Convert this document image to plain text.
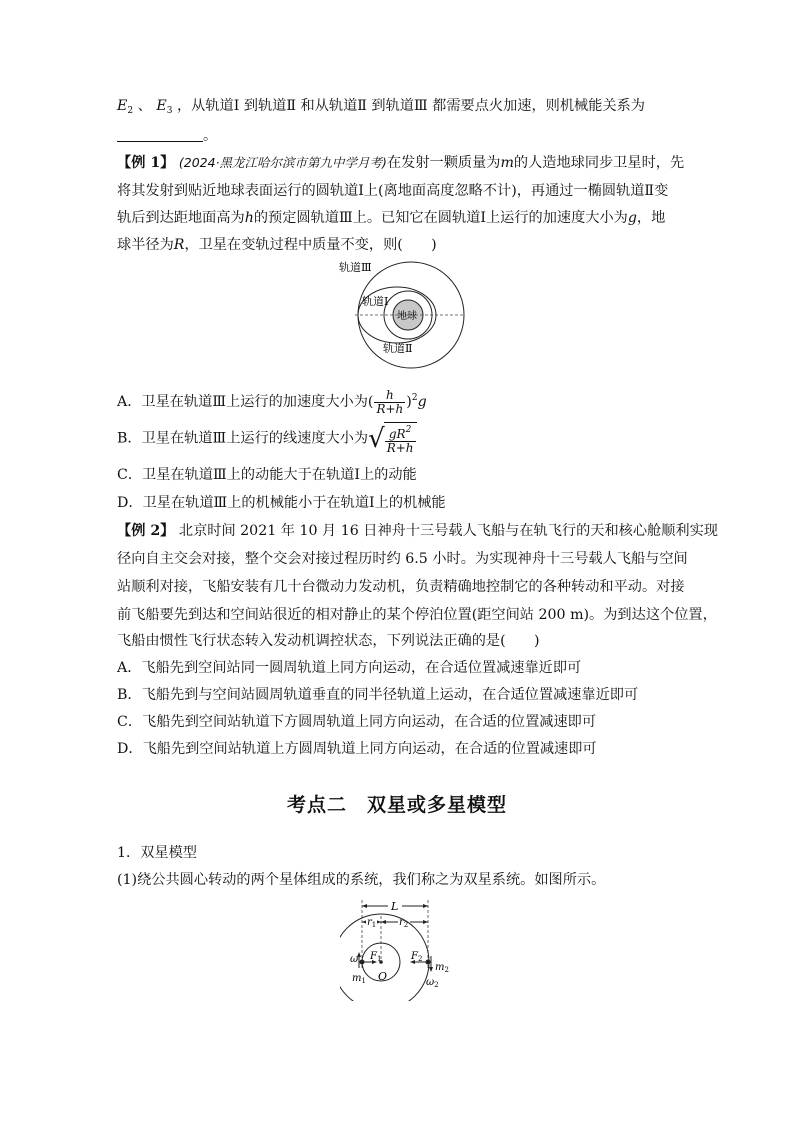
$E_2$ 、 $E_3$ ，从轨道Ⅰ 到轨道Ⅱ 和从轨道Ⅱ 到轨道Ⅲ 都需要点火加速，则机械能关系为
。
【例 1】 (2024·黑龙江哈尔滨市第九中学月考)在发射一颗质量为m的人造地球同步卫星时，先
将其发射到贴近地球表面运行的圆轨道Ⅰ上(离地面高度忽略不计)，再通过一椭圆轨道Ⅱ变
轨后到达距地面高为h的预定圆轨道Ⅲ上。已知它在圆轨道Ⅰ上运行的加速度大小为g，地
球半径为R，卫星在变轨过程中质量不变，则(　　)
轨道Ⅲ
轨道Ⅰ
轨道Ⅱ
地球
A．卫星在轨道Ⅲ上运行的加速度大小为( $\frac{h}{R+h} )^2g$
B．卫星在轨道Ⅲ上运行的线速度大小为 √ $\frac{gR^2}{R+h}$
C．卫星在轨道Ⅲ上的动能大于在轨道Ⅰ上的动能
D．卫星在轨道Ⅲ上的机械能小于在轨道Ⅰ上的机械能
【例 2】 北京时间 2021 年 10 月 16 日神舟十三号载人飞船与在轨飞行的天和核心舱顺利实现
径向自主交会对接，整个交会对接过程历时约 6.5 小时。为实现神舟十三号载人飞船与空间
站顺利对接，飞船安装有几十台微动力发动机，负责精确地控制它的各种转动和平动。对接
前飞船要先到达和空间站很近的相对静止的某个停泊位置(距空间站 200 m)。为到达这个位置，
飞船由惯性飞行状态转入发动机调控状态，下列说法正确的是(　　)
A．飞船先到空间站同一圆周轨道上同方向运动，在合适位置减速靠近即可
B．飞船先到与空间站圆周轨道垂直的同半径轨道上运动，在合适位置减速靠近即可
C．飞船先到空间站轨道下方圆周轨道上同方向运动，在合适的位置减速即可
D．飞船先到空间站轨道上方圆周轨道上同方向运动，在合适的位置减速即可
考点二　双星或多星模型
1．双星模型
(1)绕公共圆心转动的两个星体组成的系统，我们称之为双星系统。如图所示。
L
$r_1$ $r_2$
O
$F_1$	$F_2$
ω
$m_1$
$m_2$
$\omega_2$
